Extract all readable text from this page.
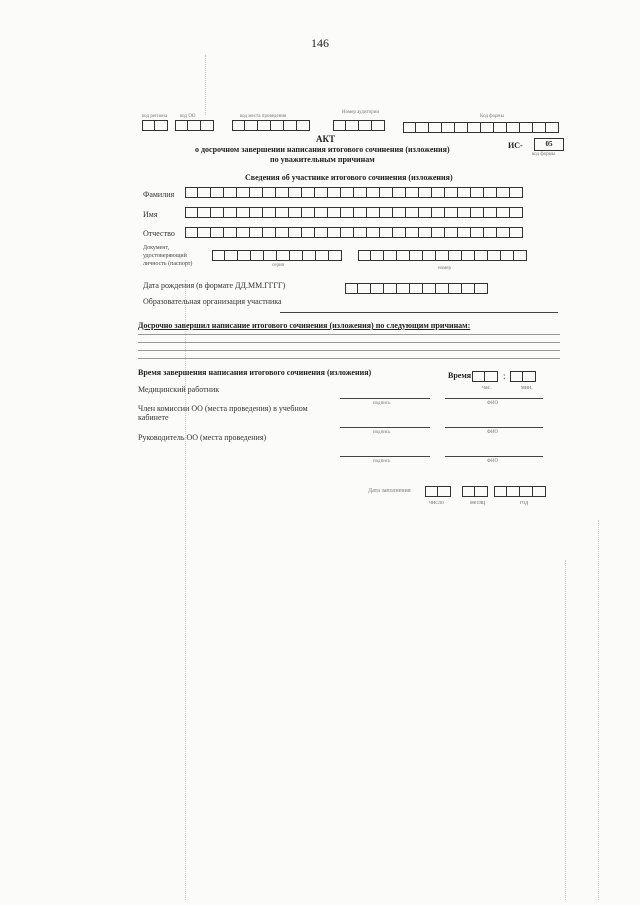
146
код региона	код ОО	код места проведения
Номер аудитории
Код формы
АКТ
о досрочном завершении написания итогового сочинения (изложения)
по уважительным причинам
ИС-	05
код формы
Сведения об участнике итогового сочинения (изложения)
Фамилия
Имя
Отчество
Документ,
удостоверяющий
личность (паспорт)	серия
номер
Дата рождения (в формате ДД.ММ.ГГГГ)
Образовательная организация участника
Досрочно завершил написание итогового сочинения (изложения) по следующим причинам:
Время завершения написания итогового сочинения (изложения)	Время	:
час.	мин.
Медицинский работник
подпись	ФИО
Член комиссии ОО (места проведения) в учебном
кабинете
подпись	ФИО
Руководитель ОО (места проведения)
подпись	ФИО
Дата заполнения
число	месяц	год
